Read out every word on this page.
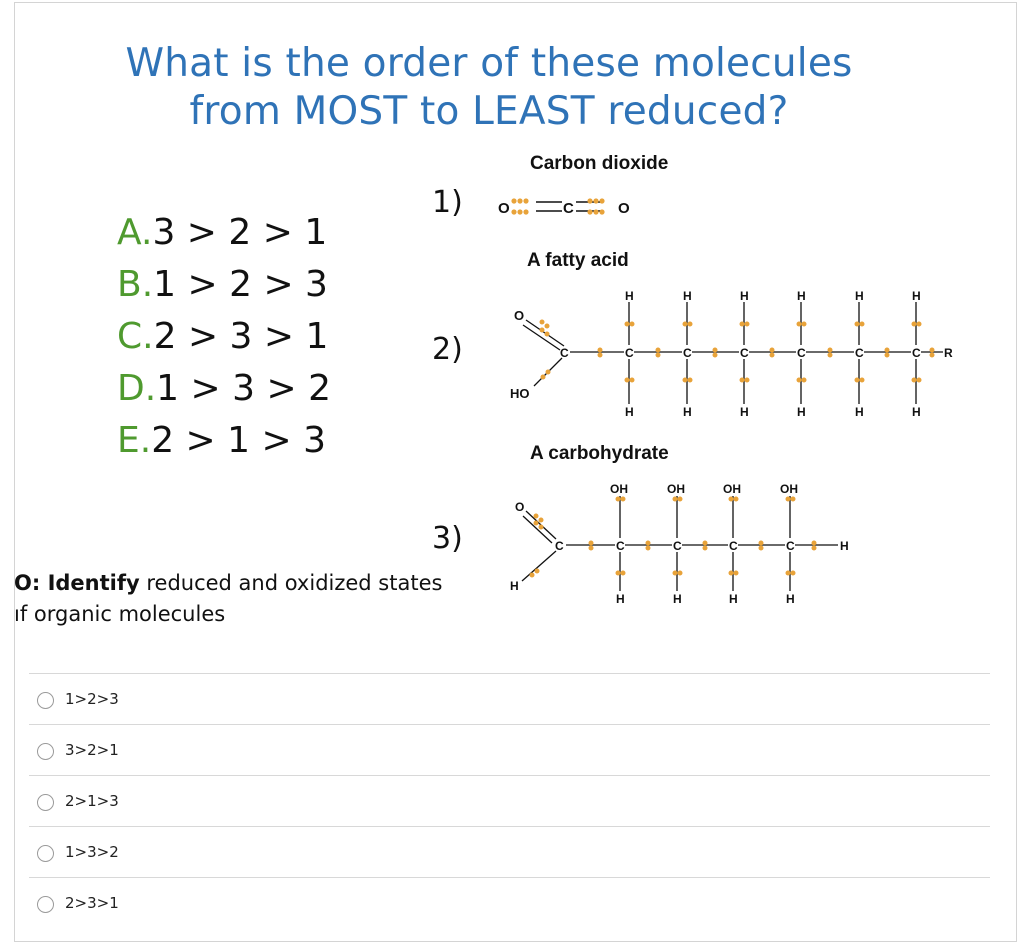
What is the order of these molecules
from MOST to LEAST reduced?
A.3 > 2 > 1
B.1 > 2 > 3
C.2 > 3 > 1
D.1 > 3 > 2
E.2 > 1 > 3
1)
Carbon dioxide
O	C	O
2)
A fatty acid
O
HO
C
H
C
H
H
C
H
H
C
H
H
C
H
H
C
H
H
C
H
R
3)
A carbohydrate
O
H
C
OH
C
H
OH
C
H
OH
C
H
OH
C
H
H
O: Identify reduced and oxidized states
ıf organic molecules
1>2>3
3>2>1
2>1>3
1>3>2
2>3>1
